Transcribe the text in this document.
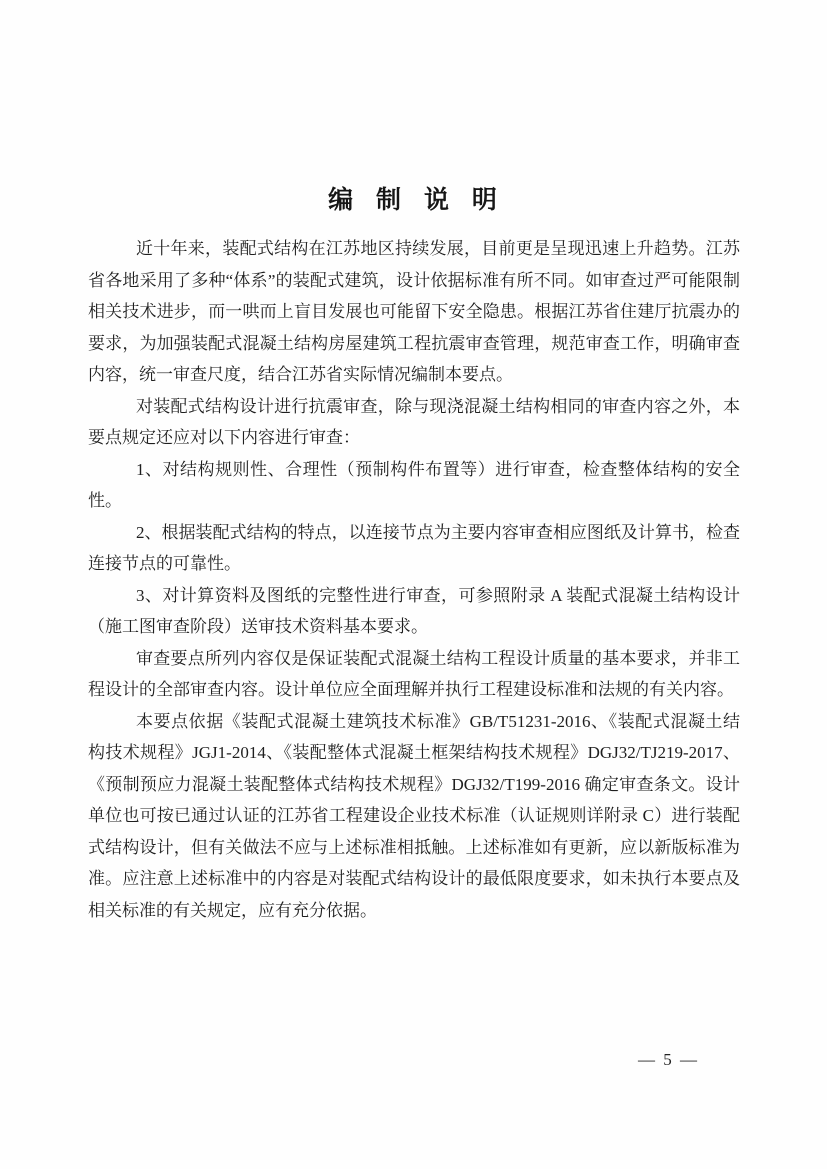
编  制  说  明

近十年来，装配式结构在江苏地区持续发展，目前更是呈现迅速上升趋势。江苏省各地采用了多种“体系”的装配式建筑，设计依据标准有所不同。如审查过严可能限制相关技术进步，而一哄而上盲目发展也可能留下安全隐患。根据江苏省住建厅抗震办的要求，为加强装配式混凝土结构房屋建筑工程抗震审查管理，规范审查工作，明确审查内容，统一审查尺度，结合江苏省实际情况编制本要点。

对装配式结构设计进行抗震审查，除与现浇混凝土结构相同的审查内容之外，本要点规定还应对以下内容进行审查：

1、对结构规则性、合理性（预制构件布置等）进行审查，检查整体结构的安全性。

2、根据装配式结构的特点，以连接节点为主要内容审查相应图纸及计算书，检查连接节点的可靠性。

3、对计算资料及图纸的完整性进行审查，可参照附录 A 装配式混凝土结构设计（施工图审查阶段）送审技术资料基本要求。

审查要点所列内容仅是保证装配式混凝土结构工程设计质量的基本要求，并非工程设计的全部审查内容。设计单位应全面理解并执行工程建设标准和法规的有关内容。

本要点依据《装配式混凝土建筑技术标准》GB/T51231-2016、《装配式混凝土结构技术规程》JGJ1-2014、《装配整体式混凝土框架结构技术规程》DGJ32/TJ219-2017、《预制预应力混凝土装配整体式结构技术规程》DGJ32/T199-2016 确定审查条文。设计单位也可按已通过认证的江苏省工程建设企业技术标准（认证规则详附录 C）进行装配式结构设计，但有关做法不应与上述标准相抵触。上述标准如有更新，应以新版标准为准。应注意上述标准中的内容是对装配式结构设计的最低限度要求，如未执行本要点及相关标准的有关规定，应有充分依据。

— 5 —
